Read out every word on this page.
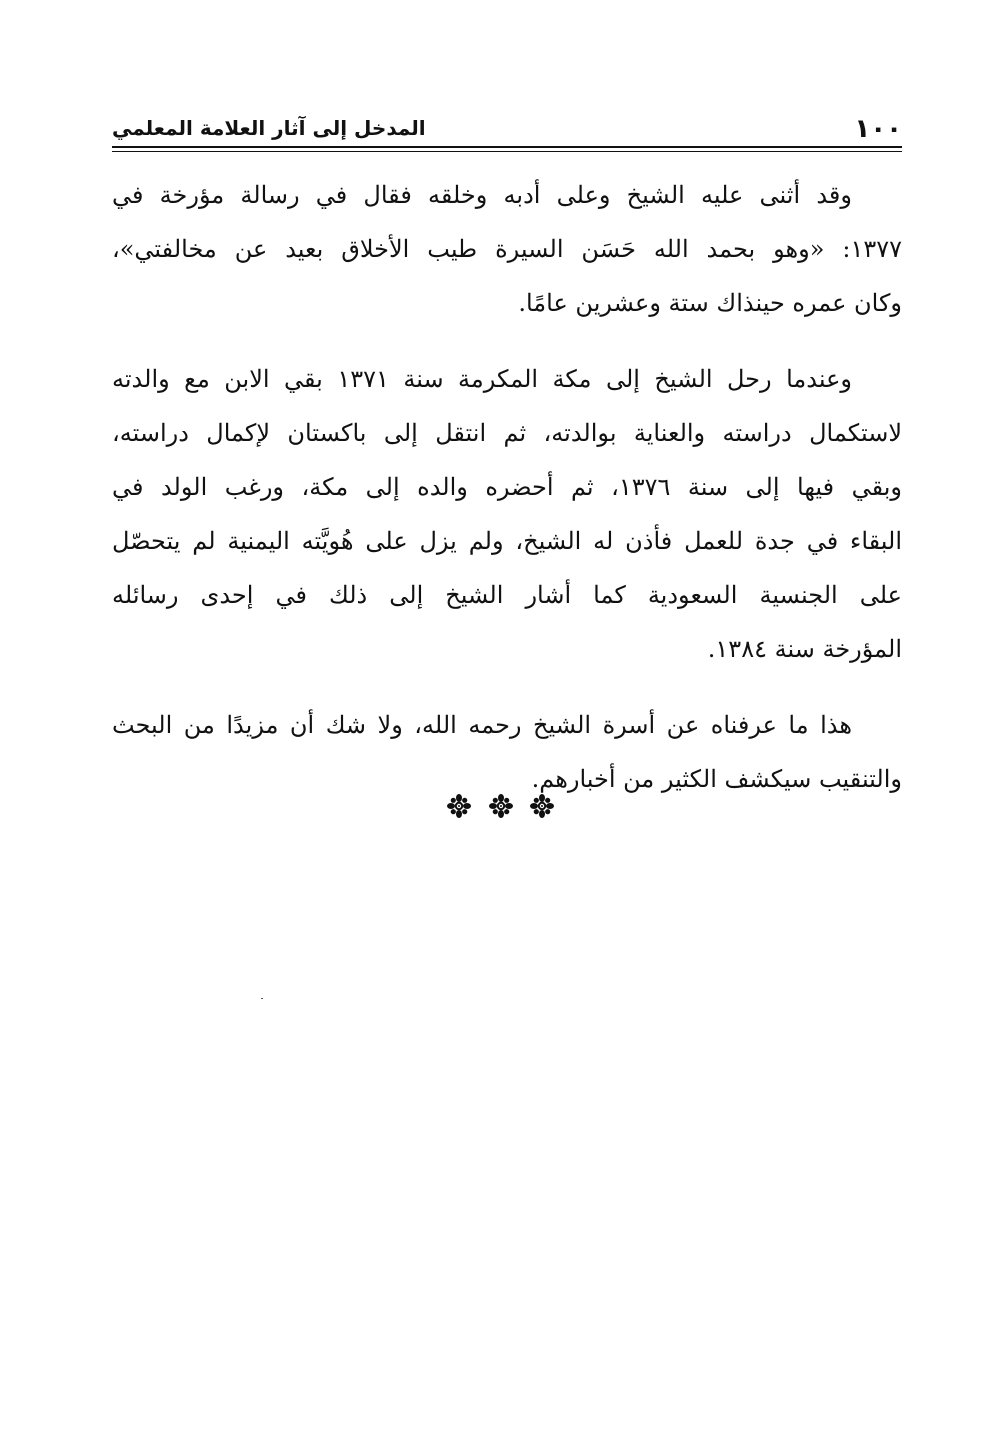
١٠٠
المدخل إلى آثار العلامة المعلمي
وقد أثنى عليه الشيخ وعلى أدبه وخلقه فقال في رسالة مؤرخة في
١٣٧٧: «وهو بحمد الله حَسَن السيرة طيب الأخلاق بعيد عن مخالفتي»،
وكان عمره حينذاك ستة وعشرين عامًا.
وعندما رحل الشيخ إلى مكة المكرمة سنة ١٣٧١ بقي الابن مع والدته
لاستكمال دراسته والعناية بوالدته، ثم انتقل إلى باكستان لإكمال دراسته،
وبقي فيها إلى سنة ١٣٧٦، ثم أحضره والده إلى مكة، ورغب الولد في
البقاء في جدة للعمل فأذن له الشيخ، ولم يزل على هُويَّته اليمنية لم يتحصّل
على الجنسية السعودية كما أشار الشيخ إلى ذلك في إحدى رسائله
المؤرخة سنة ١٣٨٤.
هذا ما عرفناه عن أسرة الشيخ رحمه الله، ولا شك أن مزيدًا من البحث
والتنقيب سيكشف الكثير من أخبارهم.
